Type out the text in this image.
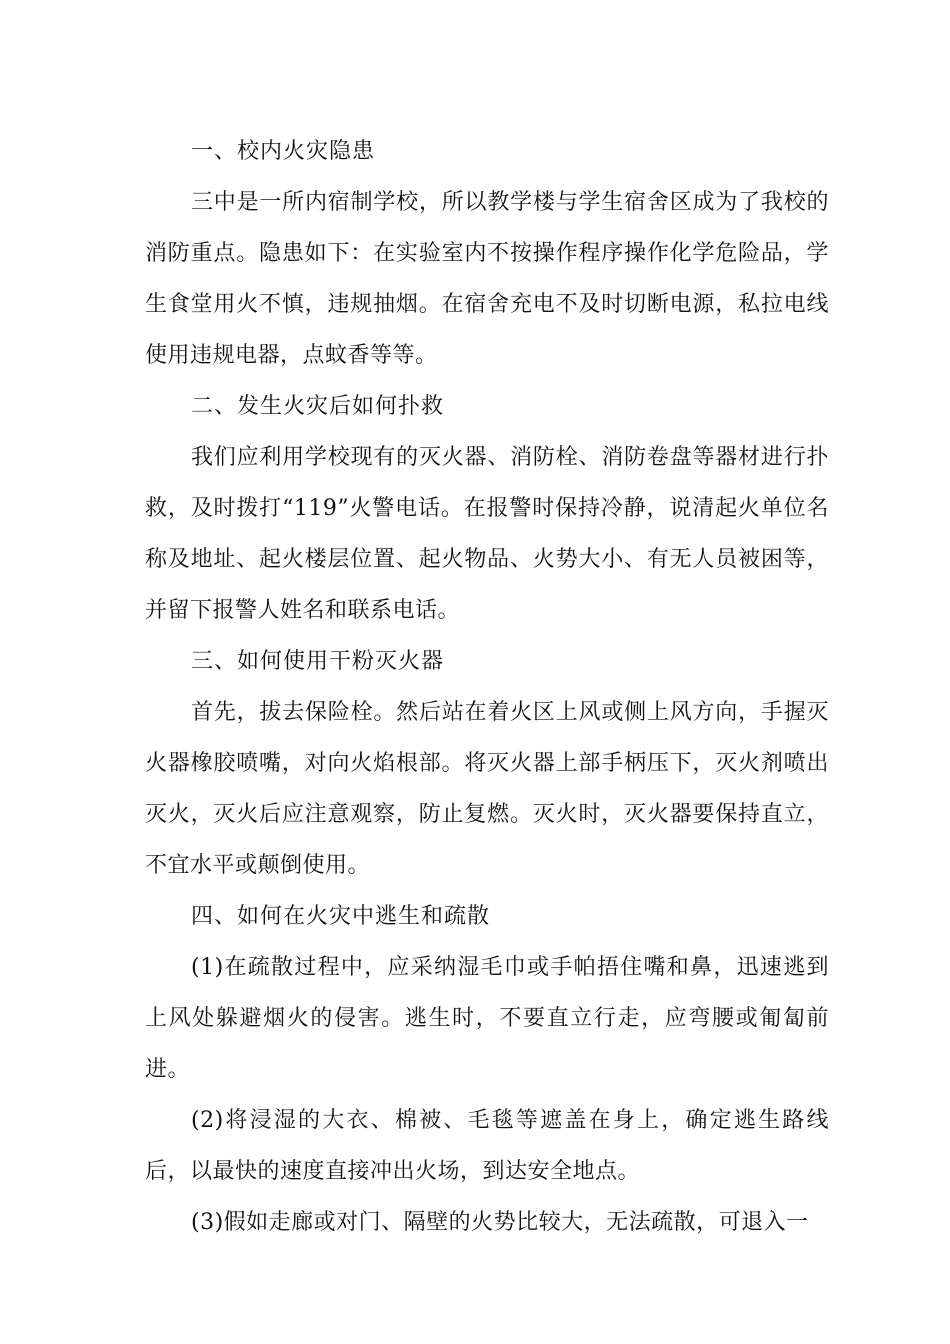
一、校内火灾隐患

三中是一所内宿制学校，所以教学楼与学生宿舍区成为了我校的消防重点。隐患如下：在实验室内不按操作程序操作化学危险品，学生食堂用火不慎，违规抽烟。在宿舍充电不及时切断电源，私拉电线使用违规电器，点蚊香等等。

二、发生火灾后如何扑救

我们应利用学校现有的灭火器、消防栓、消防卷盘等器材进行扑救，及时拨打“119”火警电话。在报警时保持冷静，说清起火单位名称及地址、起火楼层位置、起火物品、火势大小、有无人员被困等，并留下报警人姓名和联系电话。

三、如何使用干粉灭火器

首先，拔去保险栓。然后站在着火区上风或侧上风方向，手握灭火器橡胶喷嘴，对向火焰根部。将灭火器上部手柄压下，灭火剂喷出灭火，灭火后应注意观察，防止复燃。灭火时，灭火器要保持直立，不宜水平或颠倒使用。

四、如何在火灾中逃生和疏散

(1)在疏散过程中，应采纳湿毛巾或手帕捂住嘴和鼻，迅速逃到上风处躲避烟火的侵害。逃生时，不要直立行走，应弯腰或匍匐前进。

(2)将浸湿的大衣、棉被、毛毯等遮盖在身上，确定逃生路线后，以最快的速度直接冲出火场，到达安全地点。

(3)假如走廊或对门、隔壁的火势比较大，无法疏散，可退入一
